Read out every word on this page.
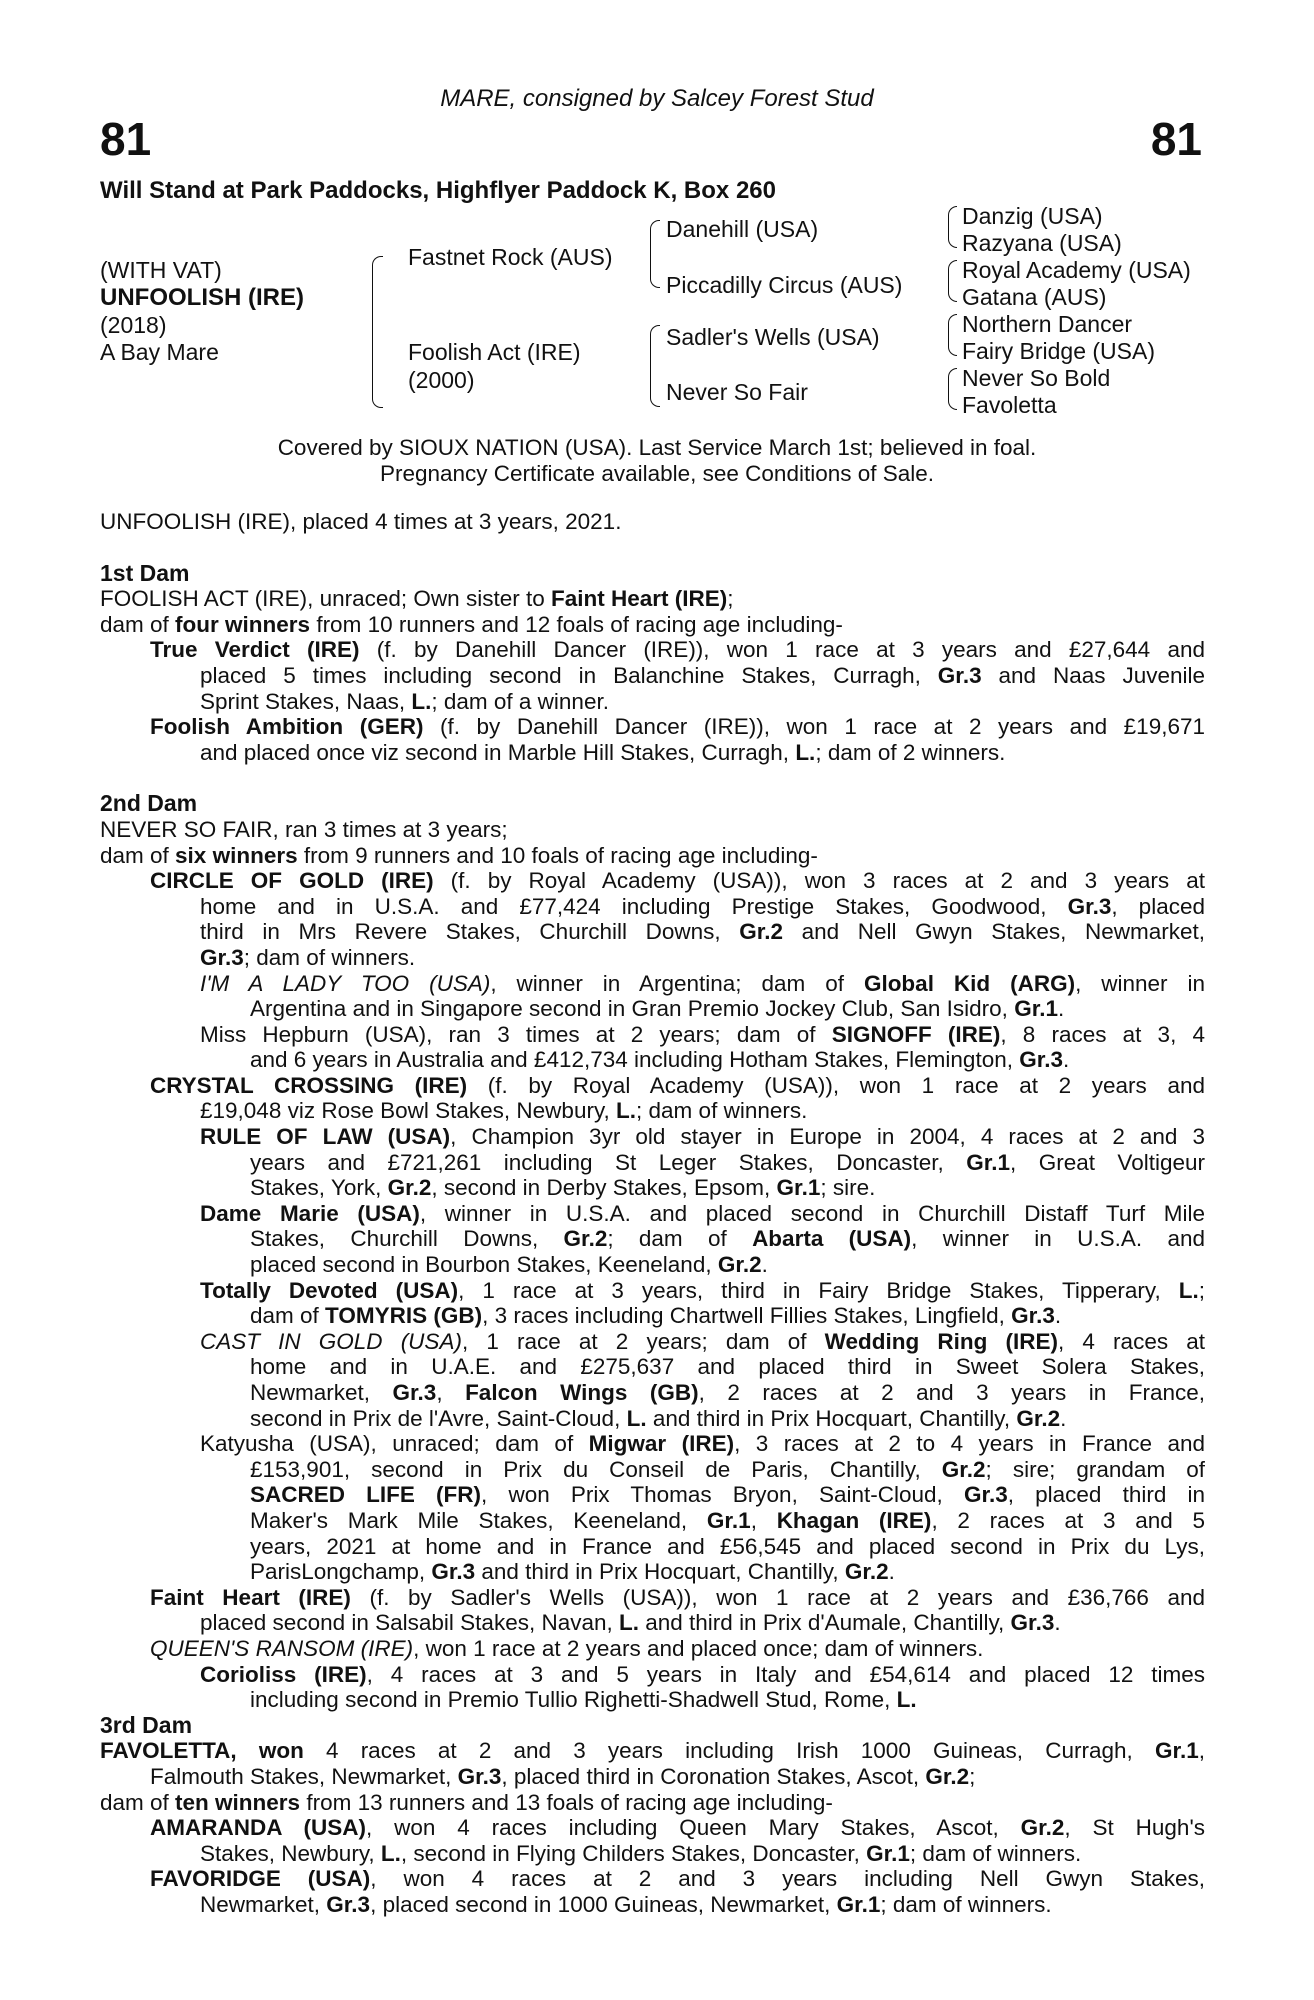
MARE, consigned by Salcey Forest Stud
81	81
Will Stand at Park Paddocks, Highflyer Paddock K, Box 260
(WITH VAT)
UNFOOLISH (IRE)
(2018)
A Bay Mare
Fastnet Rock (AUS)
Foolish Act (IRE)
(2000)
Danehill (USA)
Piccadilly Circus (AUS)
Sadler's Wells (USA)
Never So Fair
Danzig (USA)
Razyana (USA)
Royal Academy (USA)
Gatana (AUS)
Northern Dancer
Fairy Bridge (USA)
Never So Bold
Favoletta
Covered by SIOUX NATION (USA). Last Service March 1st; believed in foal.
Pregnancy Certificate available, see Conditions of Sale.
UNFOOLISH (IRE), placed 4 times at 3 years, 2021.
1st Dam
FOOLISH ACT (IRE), unraced; Own sister to Faint Heart (IRE);
dam of four winners from 10 runners and 12 foals of racing age including-
True Verdict (IRE) (f. by Danehill Dancer (IRE)), won 1 race at 3 years and £27,644 and
placed 5 times including second in Balanchine Stakes, Curragh, Gr.3 and Naas Juvenile
Sprint Stakes, Naas, L.; dam of a winner.
Foolish Ambition (GER) (f. by Danehill Dancer (IRE)), won 1 race at 2 years and £19,671
and placed once viz second in Marble Hill Stakes, Curragh, L.; dam of 2 winners.
2nd Dam
NEVER SO FAIR, ran 3 times at 3 years;
dam of six winners from 9 runners and 10 foals of racing age including-
CIRCLE OF GOLD (IRE) (f. by Royal Academy (USA)), won 3 races at 2 and 3 years at
home and in U.S.A. and £77,424 including Prestige Stakes, Goodwood, Gr.3, placed
third in Mrs Revere Stakes, Churchill Downs, Gr.2 and Nell Gwyn Stakes, Newmarket,
Gr.3; dam of winners.
I'M A LADY TOO (USA), winner in Argentina; dam of Global Kid (ARG), winner in
Argentina and in Singapore second in Gran Premio Jockey Club, San Isidro, Gr.1.
Miss Hepburn (USA), ran 3 times at 2 years; dam of SIGNOFF (IRE), 8 races at 3, 4
and 6 years in Australia and £412,734 including Hotham Stakes, Flemington, Gr.3.
CRYSTAL CROSSING (IRE) (f. by Royal Academy (USA)), won 1 race at 2 years and
£19,048 viz Rose Bowl Stakes, Newbury, L.; dam of winners.
RULE OF LAW (USA), Champion 3yr old stayer in Europe in 2004, 4 races at 2 and 3
years and £721,261 including St Leger Stakes, Doncaster, Gr.1, Great Voltigeur
Stakes, York, Gr.2, second in Derby Stakes, Epsom, Gr.1; sire.
Dame Marie (USA), winner in U.S.A. and placed second in Churchill Distaff Turf Mile
Stakes, Churchill Downs, Gr.2; dam of Abarta (USA), winner in U.S.A. and
placed second in Bourbon Stakes, Keeneland, Gr.2.
Totally Devoted (USA), 1 race at 3 years, third in Fairy Bridge Stakes, Tipperary, L.;
dam of TOMYRIS (GB), 3 races including Chartwell Fillies Stakes, Lingfield, Gr.3.
CAST IN GOLD (USA), 1 race at 2 years; dam of Wedding Ring (IRE), 4 races at
home and in U.A.E. and £275,637 and placed third in Sweet Solera Stakes,
Newmarket, Gr.3, Falcon Wings (GB), 2 races at 2 and 3 years in France,
second in Prix de l'Avre, Saint-Cloud, L. and third in Prix Hocquart, Chantilly, Gr.2.
Katyusha (USA), unraced; dam of Migwar (IRE), 3 races at 2 to 4 years in France and
£153,901, second in Prix du Conseil de Paris, Chantilly, Gr.2; sire; grandam of
SACRED LIFE (FR), won Prix Thomas Bryon, Saint-Cloud, Gr.3, placed third in
Maker's Mark Mile Stakes, Keeneland, Gr.1, Khagan (IRE), 2 races at 3 and 5
years, 2021 at home and in France and £56,545 and placed second in Prix du Lys,
ParisLongchamp, Gr.3 and third in Prix Hocquart, Chantilly, Gr.2.
Faint Heart (IRE) (f. by Sadler's Wells (USA)), won 1 race at 2 years and £36,766 and
placed second in Salsabil Stakes, Navan, L. and third in Prix d'Aumale, Chantilly, Gr.3.
QUEEN'S RANSOM (IRE), won 1 race at 2 years and placed once; dam of winners.
Corioliss (IRE), 4 races at 3 and 5 years in Italy and £54,614 and placed 12 times
including second in Premio Tullio Righetti-Shadwell Stud, Rome, L.
3rd Dam
FAVOLETTA, won 4 races at 2 and 3 years including Irish 1000 Guineas, Curragh, Gr.1,
Falmouth Stakes, Newmarket, Gr.3, placed third in Coronation Stakes, Ascot, Gr.2;
dam of ten winners from 13 runners and 13 foals of racing age including-
AMARANDA (USA), won 4 races including Queen Mary Stakes, Ascot, Gr.2, St Hugh's
Stakes, Newbury, L., second in Flying Childers Stakes, Doncaster, Gr.1; dam of winners.
FAVORIDGE (USA), won 4 races at 2 and 3 years including Nell Gwyn Stakes,
Newmarket, Gr.3, placed second in 1000 Guineas, Newmarket, Gr.1; dam of winners.
